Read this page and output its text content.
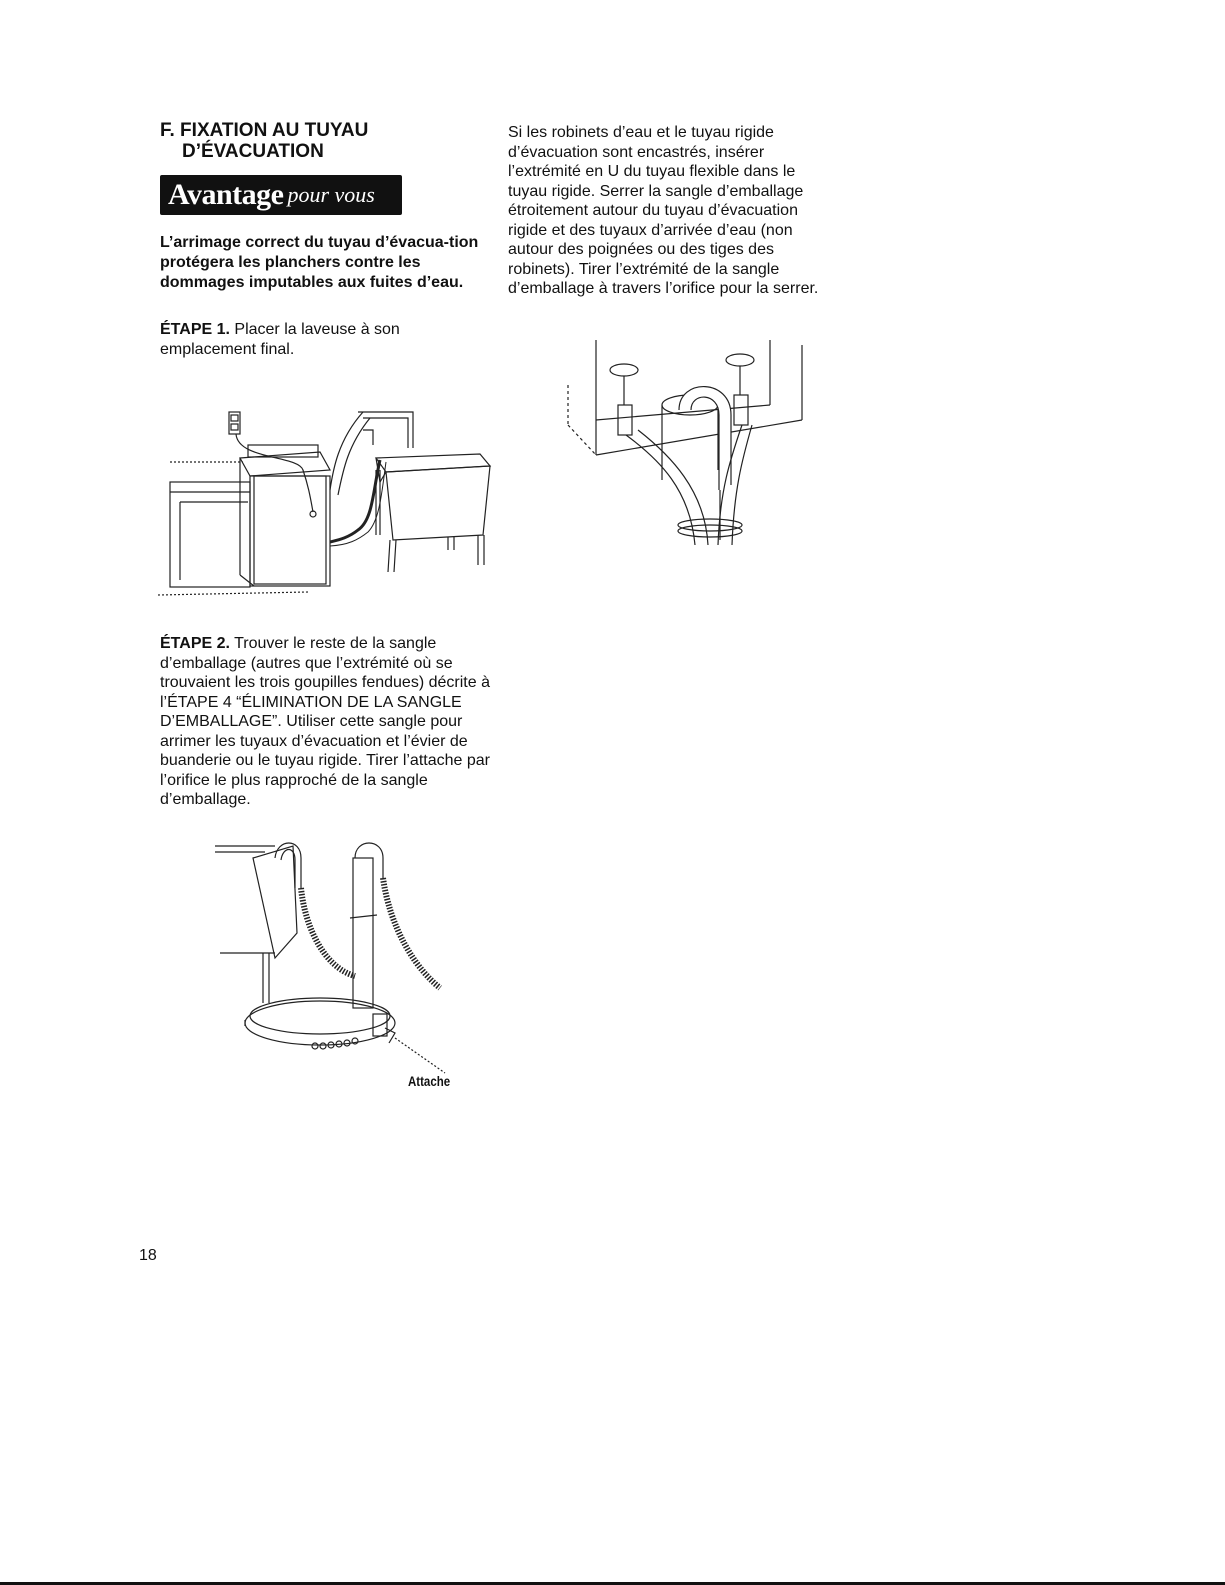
F. FIXATION AU TUYAU
D’ÉVACUATION
Avantage pour vous
L’arrimage correct du tuyau d’évacua-tion protégera les planchers contre les dommages imputables aux fuites d’eau.
ÉTAPE 1. Placer la laveuse à son emplacement final.
ÉTAPE 2. Trouver le reste de la sangle d’emballage (autres que l’extrémité où se trouvaient les trois goupilles fendues) décrite à l’ÉTAPE 4 “ÉLIMINATION DE LA SANGLE D’EMBALLAGE”. Utiliser cette sangle pour arrimer les tuyaux d’évacuation et l’évier de buanderie ou le tuyau rigide. Tirer l’attache par l’orifice le plus rapproché de la sangle d’emballage.
Attache
Si les robinets d’eau et le tuyau rigide d’évacuation sont encastrés, insérer l’extrémité en U du tuyau flexible dans le tuyau rigide. Serrer la sangle d’emballage étroitement autour du tuyau d’évacuation rigide et des tuyaux d’arrivée d’eau (non autour des poignées ou des tiges des robinets). Tirer l’extrémité de la sangle d’emballage à travers l’orifice pour la serrer.
18
